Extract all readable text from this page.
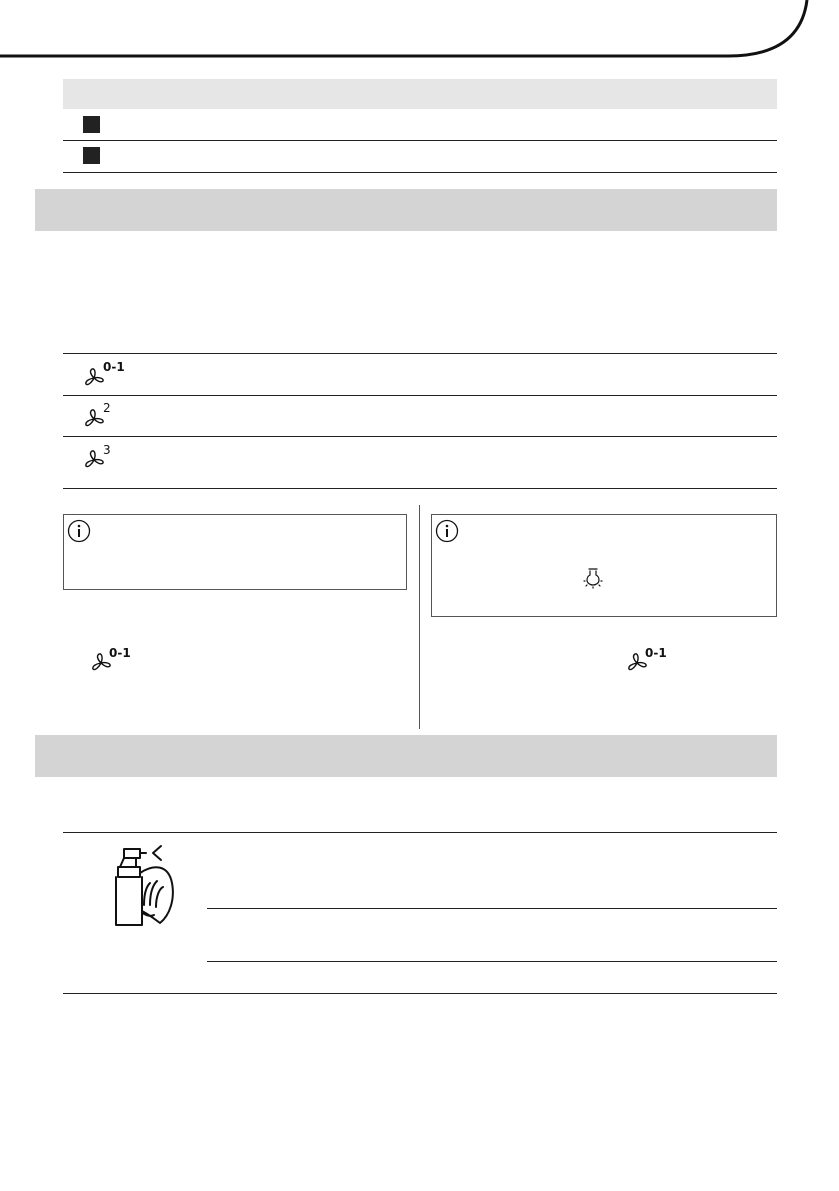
0-1
2
3
0-1	0-1
